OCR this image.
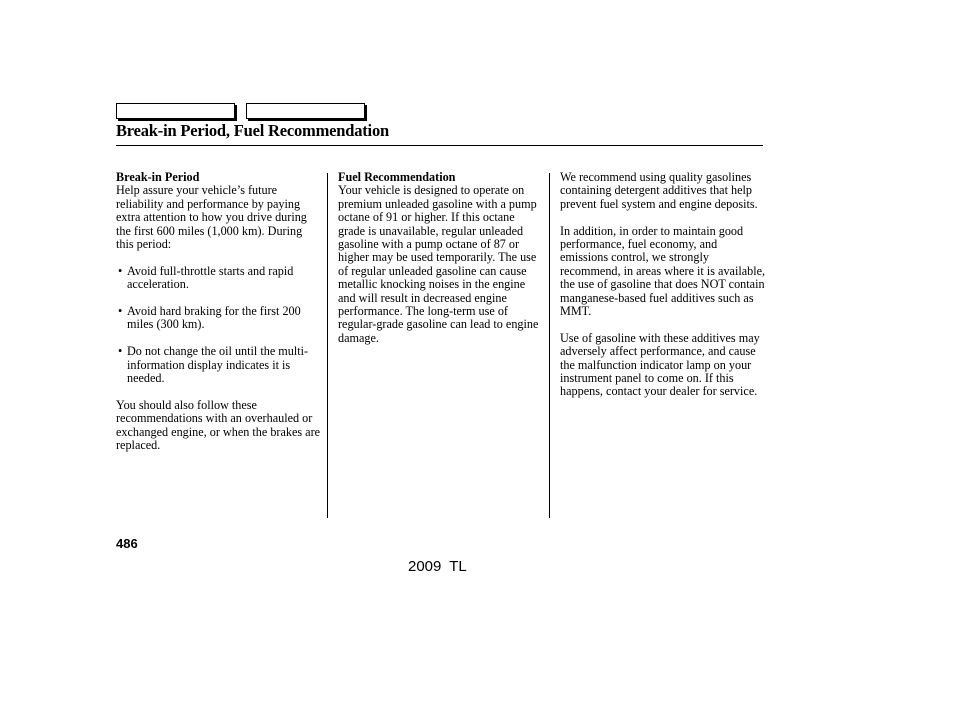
Break-in Period, Fuel Recommendation
Break-in Period

Help assure your vehicle’s future reliability and performance by paying extra attention to how you drive during the first 600 miles (1,000 km). During this period:

• Avoid full-throttle starts and rapid acceleration.
• Avoid hard braking for the first 200 miles (300 km).
• Do not change the oil until the multi-information display indicates it is needed.

You should also follow these recommendations with an overhauled or exchanged engine, or when the brakes are replaced.

Fuel Recommendation

Your vehicle is designed to operate on premium unleaded gasoline with a pump octane of 91 or higher. If this octane grade is unavailable, regular unleaded gasoline with a pump octane of 87 or higher may be used temporarily. The use of regular unleaded gasoline can cause metallic knocking noises in the engine and will result in decreased engine performance. The long-term use of regular-grade gasoline can lead to engine damage.

We recommend using quality gasolines containing detergent additives that help prevent fuel system and engine deposits.

In addition, in order to maintain good performance, fuel economy, and emissions control, we strongly recommend, in areas where it is available, the use of gasoline that does NOT contain manganese-based fuel additives such as MMT.

Use of gasoline with these additives may adversely affect performance, and cause the malfunction indicator lamp on your instrument panel to come on. If this happens, contact your dealer for service.

486
2009 TL
